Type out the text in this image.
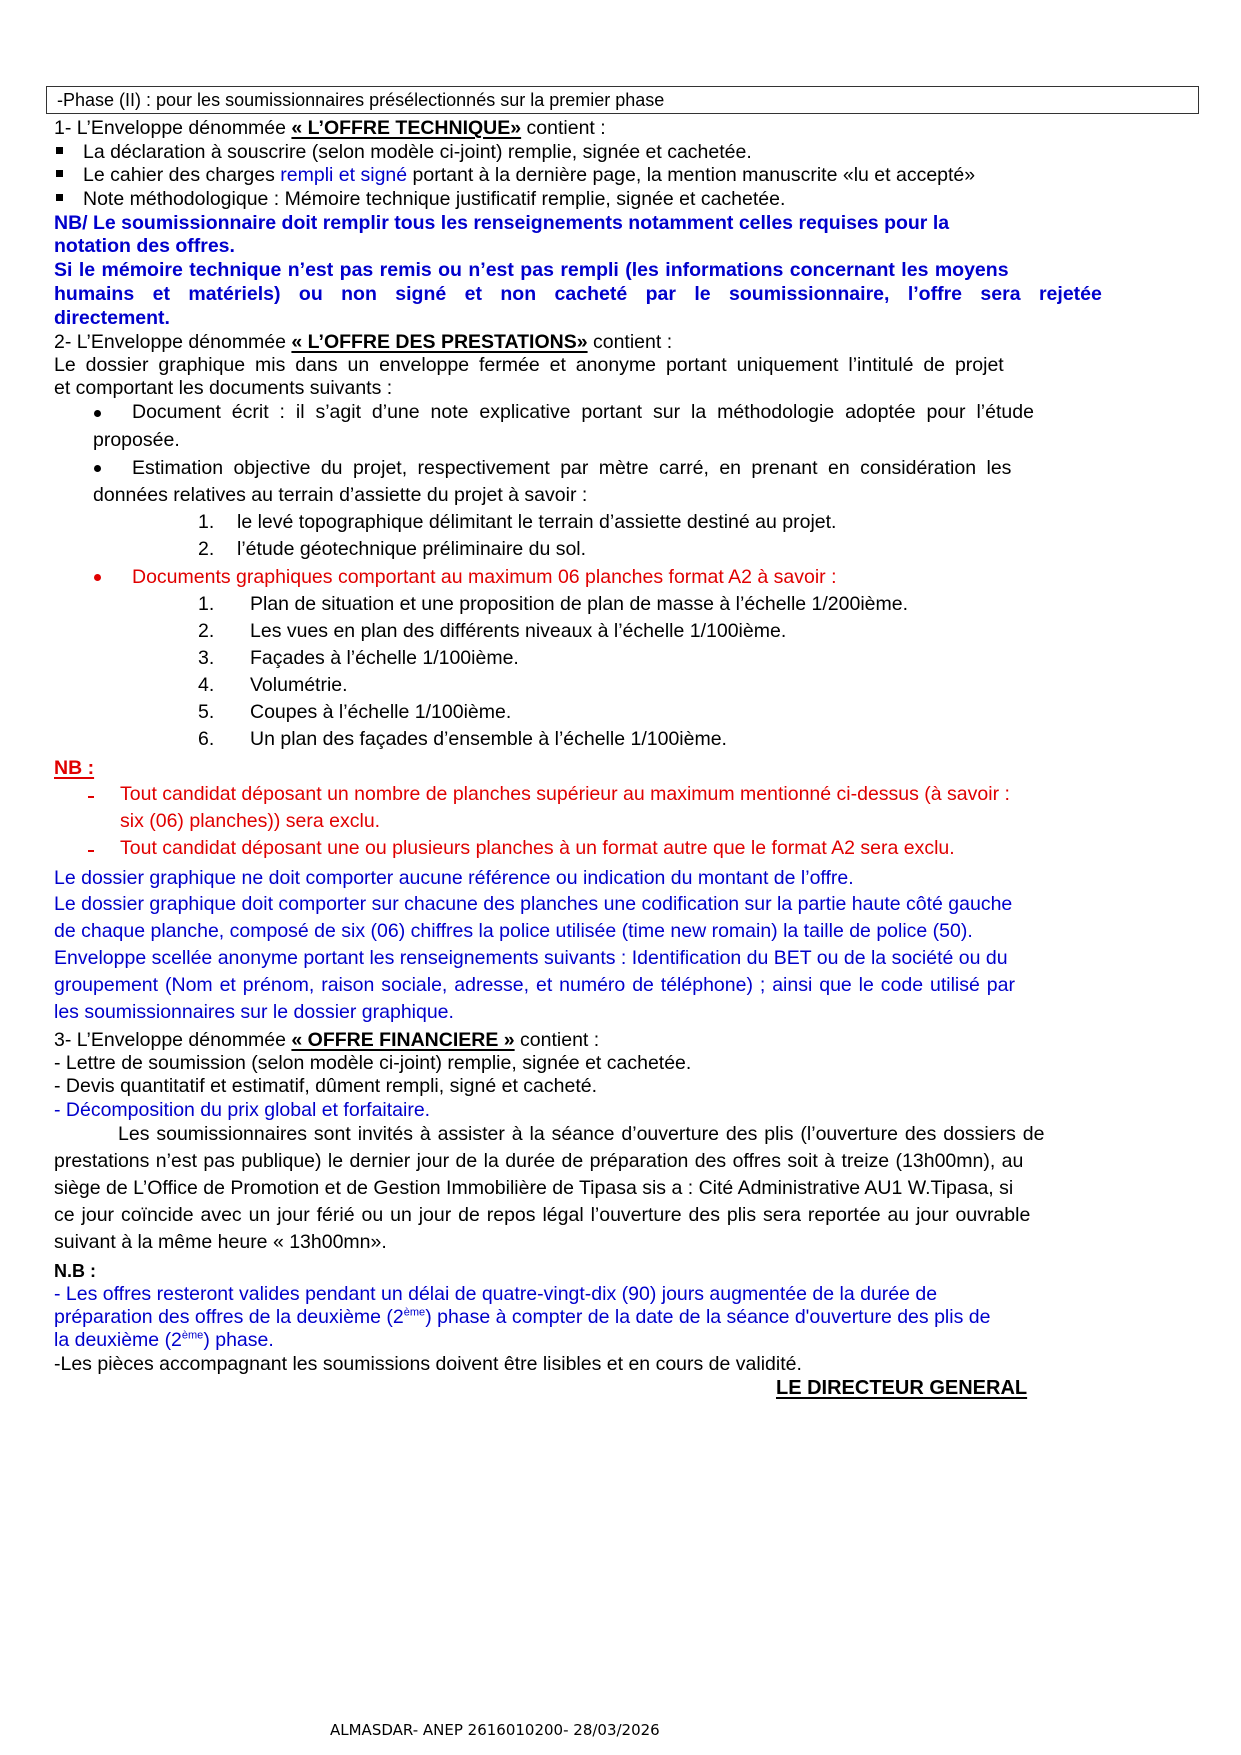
-Phase (II) : pour les soumissionnaires présélectionnés sur la premier phase
1- L’Enveloppe dénommée « L’OFFRE TECHNIQUE» contient :
La déclaration à souscrire (selon modèle ci-joint) remplie, signée et cachetée.
Le cahier des charges rempli et signé portant à la dernière page, la mention manuscrite «lu et accepté»
Note méthodologique : Mémoire technique justificatif remplie, signée et cachetée.
NB/ Le soumissionnaire doit remplir tous les renseignements notamment celles requises pour la
notation des offres.
Si le mémoire technique n’est pas remis ou n’est pas rempli (les informations concernant les moyens
humains et matériels) ou non signé et non cacheté par le soumissionnaire, l’offre sera rejetée
directement.
2- L’Enveloppe dénommée « L’OFFRE DES PRESTATIONS» contient :
Le dossier graphique mis dans un enveloppe fermée et anonyme portant uniquement l’intitulé de projet
et comportant les documents suivants :
Document écrit : il s’agit d’une note explicative portant sur la méthodologie adoptée pour l’étude
proposée.
Estimation objective du projet, respectivement par mètre carré, en prenant en considération les
données relatives au terrain d’assiette du projet à savoir :
1. le levé topographique délimitant le terrain d’assiette destiné au projet.
2. l’étude géotechnique préliminaire du sol.
Documents graphiques comportant au maximum 06 planches format A2 à savoir :
1. Plan de situation et une proposition de plan de masse à l’échelle 1/200ième.
2. Les vues en plan des différents niveaux à l’échelle 1/100ième.
3. Façades à l’échelle 1/100ième.
4. Volumétrie.
5. Coupes à l’échelle 1/100ième.
6. Un plan des façades d’ensemble à l’échelle 1/100ième.
NB :
Tout candidat déposant un nombre de planches supérieur au maximum mentionné ci-dessus (à savoir :
six (06) planches)) sera exclu.
Tout candidat déposant une ou plusieurs planches à un format autre que le format A2 sera exclu.
Le dossier graphique ne doit comporter aucune référence ou indication du montant de l’offre.
Le dossier graphique doit comporter sur chacune des planches une codification sur la partie haute côté gauche
de chaque planche, composé de six (06) chiffres la police utilisée (time new romain) la taille de police (50).
Enveloppe scellée anonyme portant les renseignements suivants : Identification du BET ou de la société ou du
groupement (Nom et prénom, raison sociale, adresse, et numéro de téléphone) ; ainsi que le code utilisé par
les soumissionnaires sur le dossier graphique.
3- L’Enveloppe dénommée « OFFRE FINANCIERE » contient :
- Lettre de soumission (selon modèle ci-joint) remplie, signée et cachetée.
- Devis quantitatif et estimatif, dûment rempli, signé et cacheté.
- Décomposition du prix global et forfaitaire.
Les soumissionnaires sont invités à assister à la séance d’ouverture des plis (l’ouverture des dossiers de
prestations n’est pas publique) le dernier jour de la durée de préparation des offres soit à treize (13h00mn), au
siège de L’Office de Promotion et de Gestion Immobilière de Tipasa sis a : Cité Administrative AU1 W.Tipasa, si
ce jour coïncide avec un jour férié ou un jour de repos légal l’ouverture des plis sera reportée au jour ouvrable
suivant à la même heure « 13h00mn».
N.B :
- Les offres resteront valides pendant un délai de quatre-vingt-dix (90) jours augmentée de la durée de
préparation des offres de la deuxième (2ème) phase à compter de la date de la séance d'ouverture des plis de
la deuxième (2ème) phase.
-Les pièces accompagnant les soumissions doivent être lisibles et en cours de validité.
LE DIRECTEUR GENERAL
ALMASDAR- ANEP 2616010200- 28/03/2026
